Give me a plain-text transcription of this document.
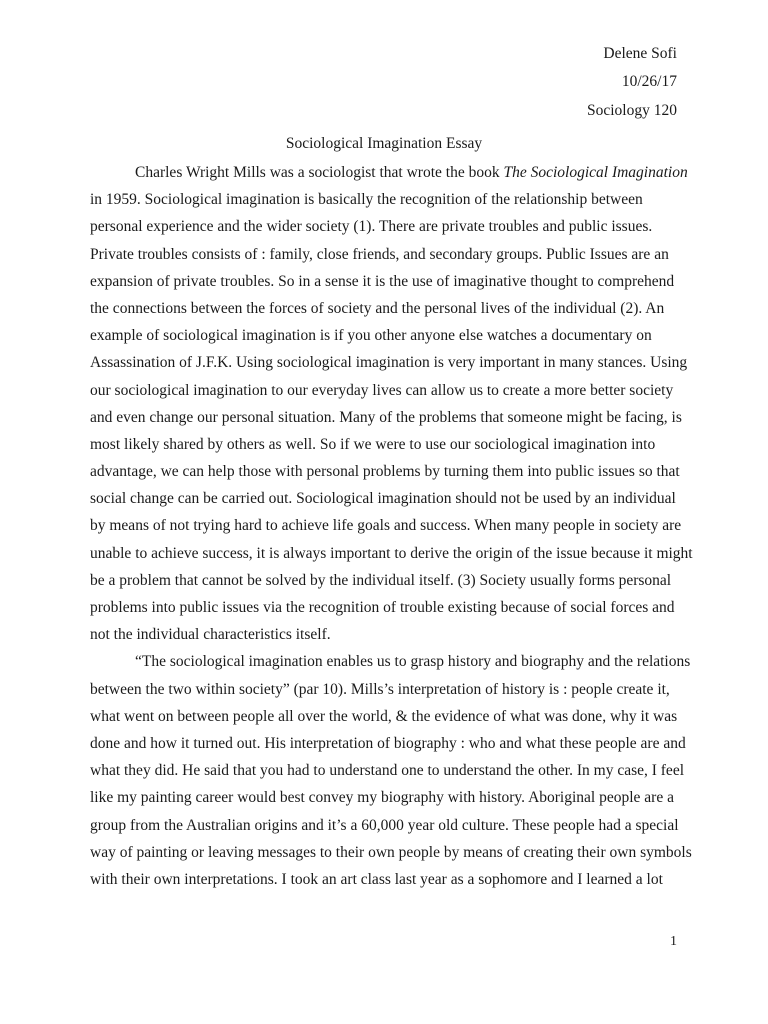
Delene Sofi
10/26/17
Sociology 120
Sociological Imagination Essay
Charles Wright Mills was a sociologist that wrote the book The Sociological Imagination
in 1959. Sociological imagination is basically the recognition of the relationship between
personal experience and the wider society (1). There are private troubles and public issues.
Private troubles consists of : family, close friends, and secondary groups. Public Issues are an
expansion of private troubles. So in a sense it is the use of imaginative thought to comprehend
the connections between the forces of society and the personal lives of the individual (2). An
example of sociological imagination is if you other anyone else watches a documentary on
Assassination of J.F.K. Using sociological imagination is very important in many stances. Using
our sociological imagination to our everyday lives can allow us to create a more better society
and even change our personal situation. Many of the problems that someone might be facing, is
most likely shared by others as well. So if we were to use our sociological imagination into
advantage, we can help those with personal problems by turning them into public issues so that
social change can be carried out. Sociological imagination should not be used by an individual
by means of not trying hard to achieve life goals and success. When many people in society are
unable to achieve success, it is always important to derive the origin of the issue because it might
be a problem that cannot be solved by the individual itself. (3) Society usually forms personal
problems into public issues via the recognition of trouble existing because of social forces and
not the individual characteristics itself.
“The sociological imagination enables us to grasp history and biography and the relations
between the two within society” (par 10). Mills’s interpretation of history is : people create it,
what went on between people all over the world, & the evidence of what was done, why it was
done and how it turned out. His interpretation of biography : who and what these people are and
what they did. He said that you had to understand one to understand the other. In my case, I feel
like my painting career would best convey my biography with history. Aboriginal people are a
group from the Australian origins and it’s a 60,000 year old culture. These people had a special
way of painting or leaving messages to their own people by means of creating their own symbols
with their own interpretations. I took an art class last year as a sophomore and I learned a lot
1
